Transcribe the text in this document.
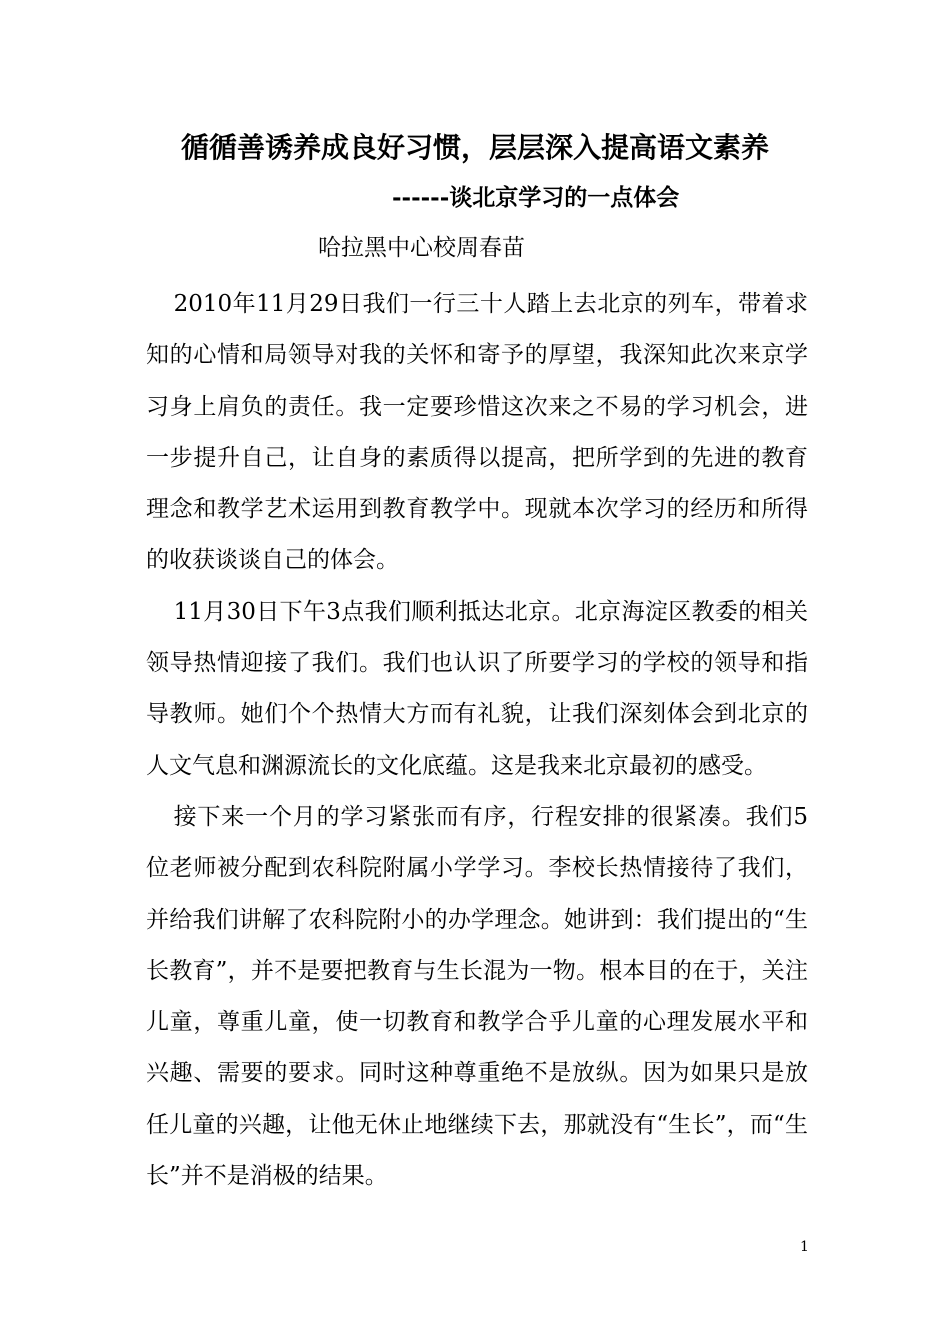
循循善诱养成良好习惯，层层深入提高语文素养
------谈北京学习的一点体会
哈拉黑中心校周春苗

2010年11月29日我们一行三十人踏上去北京的列车，带着求知的心情和局领导对我的关怀和寄予的厚望，我深知此次来京学习身上肩负的责任。我一定要珍惜这次来之不易的学习机会，进一步提升自己，让自身的素质得以提高，把所学到的先进的教育理念和教学艺术运用到教育教学中。现就本次学习的经历和所得的收获谈谈自己的体会。

11月30日下午3点我们顺利抵达北京。北京海淀区教委的相关领导热情迎接了我们。我们也认识了所要学习的学校的领导和指导教师。她们个个热情大方而有礼貌，让我们深刻体会到北京的人文气息和渊源流长的文化底蕴。这是我来北京最初的感受。

接下来一个月的学习紧张而有序，行程安排的很紧凑。我们5位老师被分配到农科院附属小学学习。李校长热情接待了我们，并给我们讲解了农科院附小的办学理念。她讲到：我们提出的“生长教育”，并不是要把教育与生长混为一物。根本目的在于，关注儿童，尊重儿童，使一切教育和教学合乎儿童的心理发展水平和兴趣、需要的要求。同时这种尊重绝不是放纵。因为如果只是放任儿童的兴趣，让他无休止地继续下去，那就没有“生长”，而“生长”并不是消极的结果。

1
